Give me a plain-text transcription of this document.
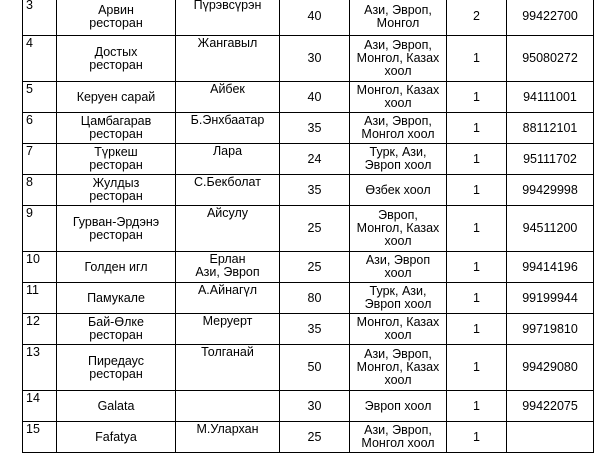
3	Арвин
ресторан	Пүрэвсүрэн	40	Ази, Эвроп,
Монгол	2	99422700

4	Достых
ресторан	Жангавыл	30	Ази, Эвроп,
Монгол, Казах
хоол	1	95080272

5	Керуен сарай	Айбек	40	Монгол, Казах
хоол	1	94111001

6	Цамбагарав
ресторан	Б.Энхбаатар	35	Ази, Эвроп,
Монгол хоол	1	88112101

7	Түркеш
ресторан	Лара	24	Турк, Ази,
Эвроп хоол	1	95111702

8	Жулдыз
ресторан	С.Бекболат	35	Өзбек хоол	1	99429998

9	Гурван-Эрдэнэ
ресторан	Айсулу	25	Эвроп,
Монгол, Казах
хоол	1	94511200

10	Голден игл	Ерлан
Ази, Эвроп	25	Ази, Эвроп
хоол	1	99414196

11	Памукале	А.Айнагүл	80	Турк, Ази,
Эвроп хоол	1	99199944

12	Бай-Өлке
ресторан	Меруерт	35	Монгол, Казах
хоол	1	99719810

13	Пиредаус
ресторан	Толганай	50	Ази, Эвроп,
Монгол, Казах
хоол	1	99429080

14	Galata		30	Эвроп хоол	1	99422075

15	Fafatya	М.Улархан	25	Ази, Эвроп,
Монгол хоол	1	
